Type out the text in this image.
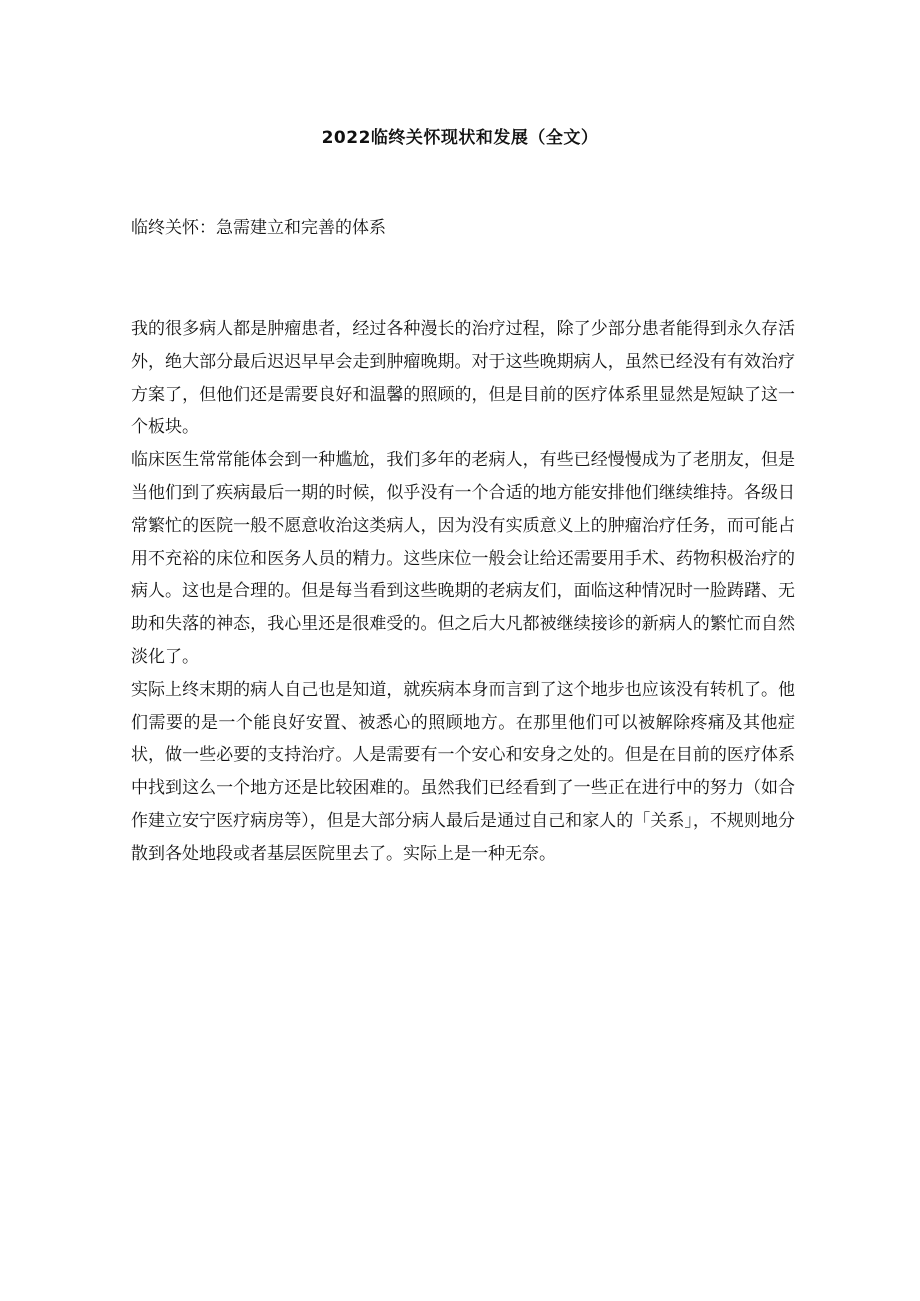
2022临终关怀现状和发展（全文）
临终关怀：急需建立和完善的体系

我的很多病人都是肿瘤患者，经过各种漫长的治疗过程，除了少部分患者能得到永久存活外，绝大部分最后迟迟早早会走到肿瘤晚期。对于这些晚期病人，虽然已经没有有效治疗方案了，但他们还是需要良好和温馨的照顾的，但是目前的医疗体系里显然是短缺了这一个板块。

临床医生常常能体会到一种尴尬，我们多年的老病人，有些已经慢慢成为了老朋友，但是当他们到了疾病最后一期的时候，似乎没有一个合适的地方能安排他们继续维持。各级日常繁忙的医院一般不愿意收治这类病人，因为没有实质意义上的肿瘤治疗任务，而可能占用不充裕的床位和医务人员的精力。这些床位一般会让给还需要用手术、药物积极治疗的病人。这也是合理的。但是每当看到这些晚期的老病友们，面临这种情况时一脸踌躇、无助和失落的神态，我心里还是很难受的。但之后大凡都被继续接诊的新病人的繁忙而自然淡化了。

实际上终末期的病人自己也是知道，就疾病本身而言到了这个地步也应该没有转机了。他们需要的是一个能良好安置、被悉心的照顾地方。在那里他们可以被解除疼痛及其他症状，做一些必要的支持治疗。人是需要有一个安心和安身之处的。但是在目前的医疗体系中找到这么一个地方还是比较困难的。虽然我们已经看到了一些正在进行中的努力（如合作建立安宁医疗病房等），但是大部分病人最后是通过自己和家人的「关系」，不规则地分散到各处地段或者基层医院里去了。实际上是一种无奈。
